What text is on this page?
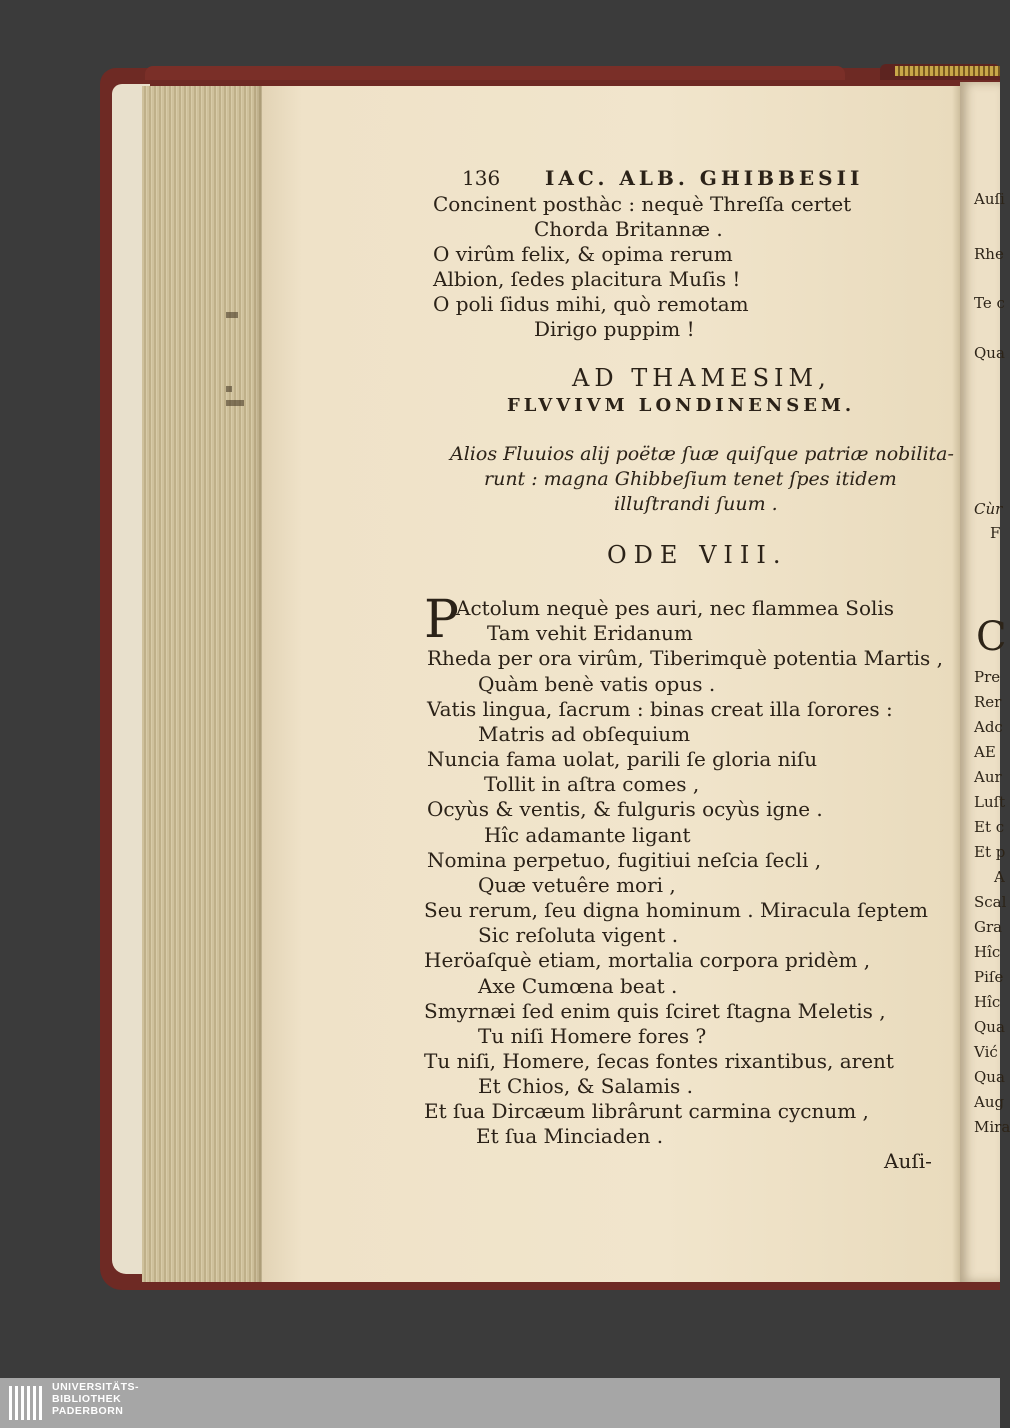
136 IAC. ALB. GHIBBESII
Concinent posthàc : nequè Threſſa certet
Chorda Britannæ .
O virûm felix, & opima rerum
Albion, ſedes placitura Muſis !
O poli ſidus mihi, quò remotam
Dirigo puppim !
AD THAMESIM,
FLVVIVM LONDINENSEM.
Alios Fluuios alij poëtæ ſuæ quiſque patriæ nobilita-
runt : magna Ghibbeſium tenet ſpes itidem
illuſtrandi ſuum .
ODE VIII.
P
Actolum nequè pes auri, nec flammea Solis
Tam vehit Eridanum
Rheda per ora virûm, Tiberimquè potentia Martis ,
Quàm benè vatis opus .
Vatis lingua, ſacrum : binas creat illa ſorores :
Matris ad obſequium
Nuncia fama uolat, parili ſe gloria niſu
Tollit in aſtra comes ,
Ocyùs & ventis, & fulguris ocyùs igne .
Hîc adamante ligant
Nomina perpetuo, fugitiui neſcia ſecli ,
Quæ vetuêre mori ,
Seu rerum, ſeu digna hominum . Miracula ſeptem
Sic reſoluta vigent .
Heröaſquè etiam, mortalia corpora pridèm ,
Axe Cumœna beat .
Smyrnæi ſed enim quis ſciret ſtagna Meletis ,
Tu niſi Homere fores ?
Tu niſi, Homere, ſecas fontes rixantibus, arent
Et Chios, & Salamis .
Et ſua Dircæum librârunt carmina cycnum ,
Et ſua Minciaden .
Auſi-
Auſi
Rhe
Te c
Qua
Cùr
F
C
Pre
Rer
Adc
AE
Aur
Luſt
Et c
Et p
A
Scal
Gra
Hîc
Piſe
Hîc
Qua
Vić
Qua
Aug
Mira
UNIVERSITÄTS-
BIBLIOTHEK
PADERBORN
